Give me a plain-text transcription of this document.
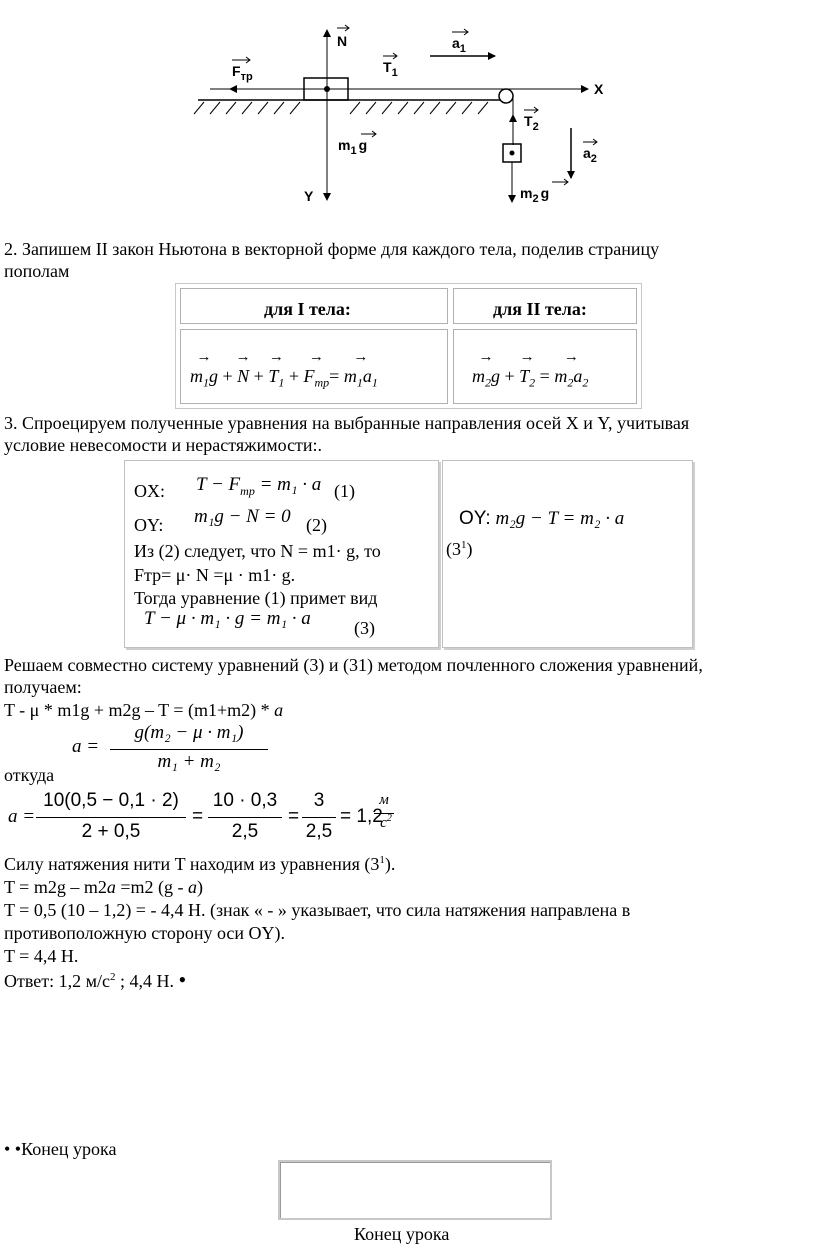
N	$a_1$
$F_{тр}$
$T_1$
X
Y
$m_1$ g
$T_2$
$a_2$
$m_2$ g
2. Запишем II закон Ньютона в векторной форме для каждого тела, поделив страницу
пополам
для I тела:	для II тела:
→ $m_1g$ + → N + → $T_1$ + → $F_{тр}= \to m_1a_1$	→ $m_2g$ + → $T_2$ = → $m_2a_2$
3. Спроецируем полученные уравнения на выбранные направления осей X и Y, учитывая
условие невесомости и нерастяжимости:.
OX: $T - F_{тр} = m_1 \cdot a$ (1)
OY: m₁g − N = 0 (2)
Из (2) следует, что N = m1· g, то
Fтр= μ· N =μ · m1· g.
Тогда уравнение (1) примет вид
T − μ · m₁ · g = m₁ · a (3)
OY: m₂g − T = m₂ · a
$(3^1)$
Решаем совместно систему уравнений (3) и (31) методом почленного сложения уравнений,
получаем:
T - μ * m1g + m2g – T = (m1+m2) * a
a =
g(m₂ − μ · m₁)
m₁ + m₂
откуда
a =
10(0,5 − 0,1 · 2)
2 + 0,5
=
10 · 0,3
2,5
=
3
2,5
= 1,2
м
$c^2$
Силу натяжения нити T находим из уравнения $(3^1)$.
T = m2g – m2a =m2 (g - a)
T = 0,5 (10 – 1,2) = - 4,4 Н. (знак « - » указывает, что сила натяжения направлена в
противоположную сторону оси OY).
T = 4,4 Н.
Ответ: 1,2 $м/с^2$ ; 4,4 Н. •
• •Конец урока
Конец урока
